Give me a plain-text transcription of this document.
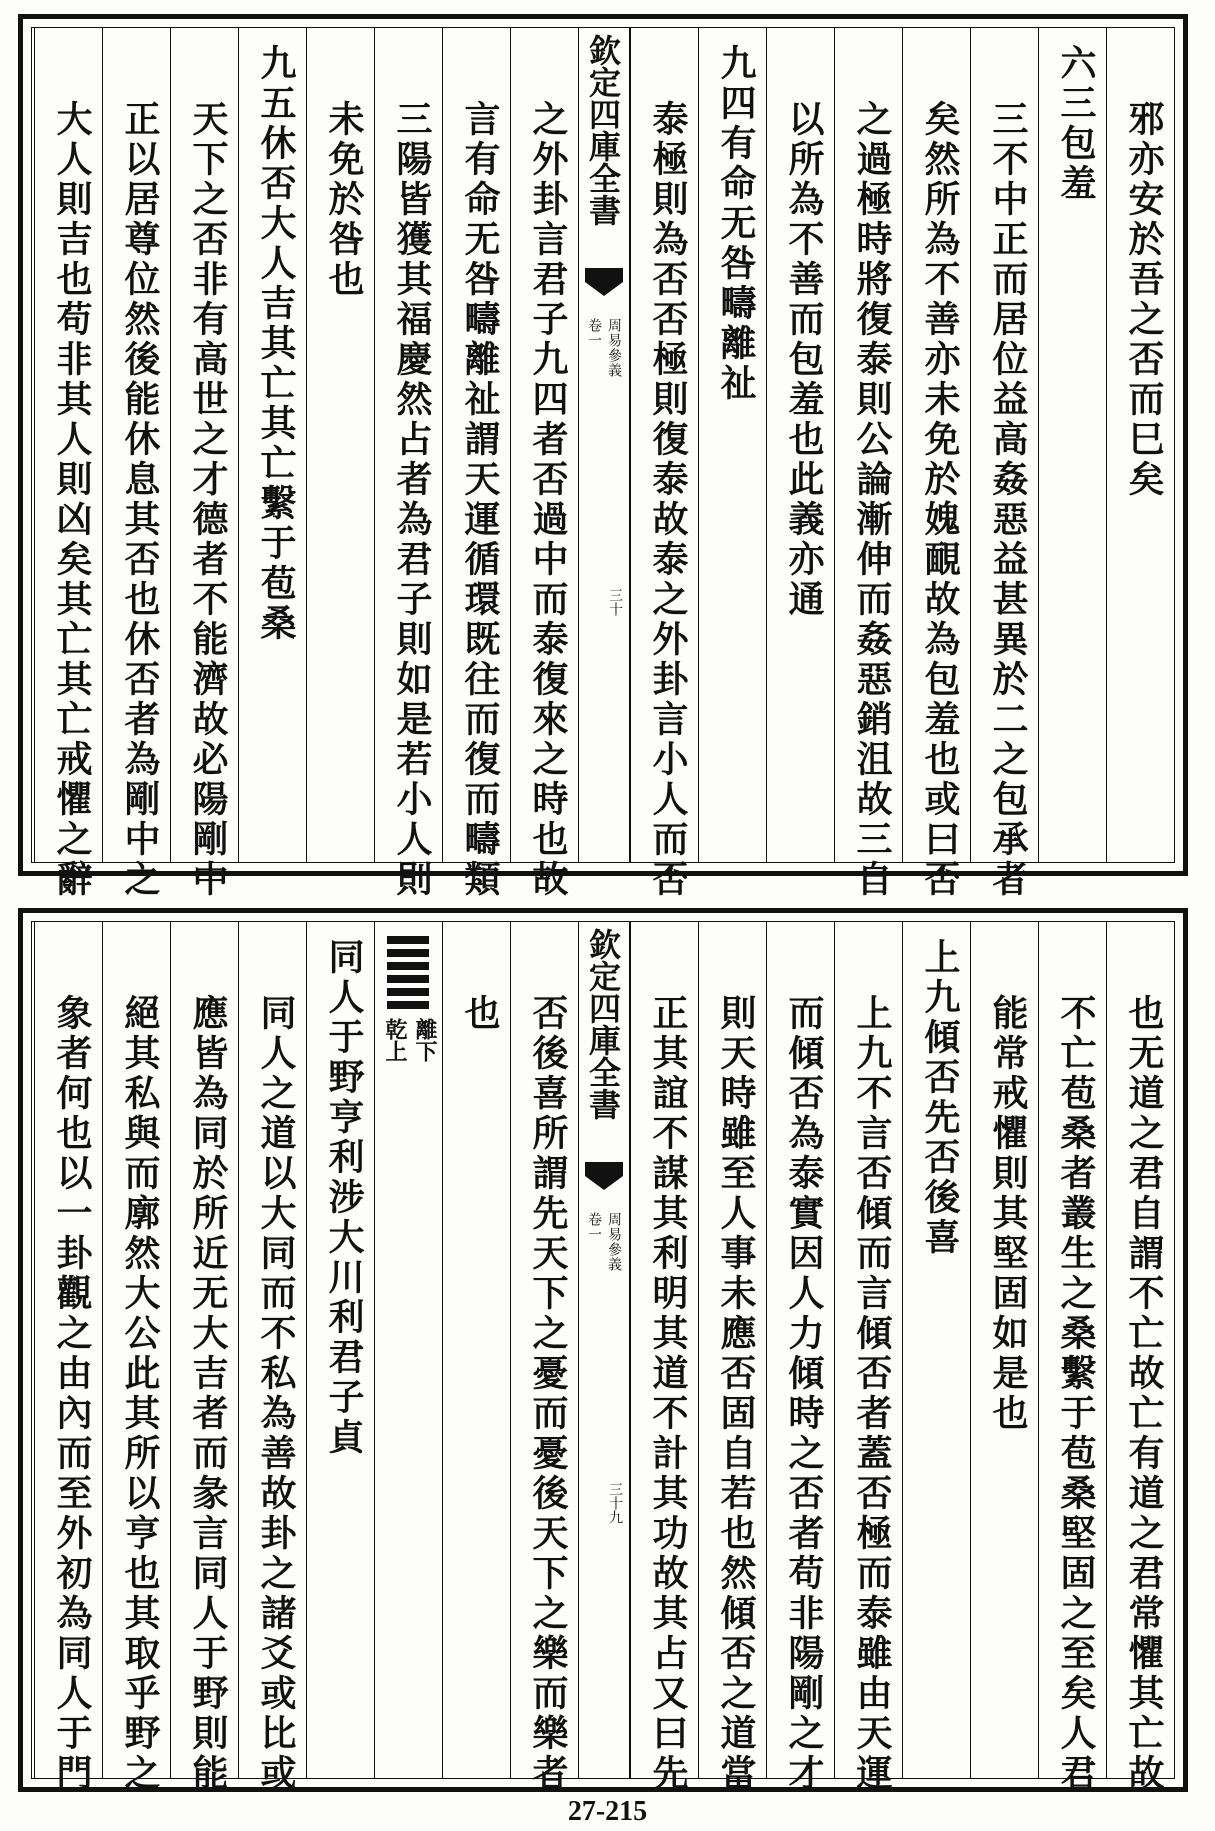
邪亦安於吾之否而巳矣
六三包羞
三不中正而居位益高姦惡益甚異於二之包承者
矣然所為不善亦未免於媿靦故為包羞也或曰否
之過極時將復泰則公論漸伸而姦惡銷沮故三自
以所為不善而包羞也此義亦通
九四有命无咎疇離祉
泰極則為否否極則復泰故泰之外卦言小人而否
欽定四庫全書
周易參義
卷一
三十
之外卦言君子九四者否過中而泰復來之時也故
言有命无咎疇離祉謂天運循環既往而復而疇類
三陽皆獲其福慶然占者為君子則如是若小人則
未免於咎也
九五休否大人吉其亡其亡繫于苞桑
天下之否非有高世之才德者不能濟故必陽剛中
正以居尊位然後能休息其否也休否者為剛中之
大人則吉也苟非其人則凶矣其亡其亡戒懼之辭
也无道之君自謂不亡故亡有道之君常懼其亡故
不亡苞桑者叢生之桑繫于苞桑堅固之至矣人君
能常戒懼則其堅固如是也
上九傾否先否後喜
上九不言否傾而言傾否者蓋否極而泰雖由天運
而傾否為泰實因人力傾時之否者苟非陽剛之才
則天時雖至人事未應否固自若也然傾否之道當
正其誼不謀其利明其道不計其功故其占又曰先
欽定四庫全書
周易參義
卷一
三十九
否後喜所謂先天下之憂而憂後天下之樂而樂者
也
離下
乾上
同人于野亨利涉大川利君子貞
同人之道以大同而不私為善故卦之諸爻或比或
應皆為同於所近无大吉者而彖言同人于野則能
絕其私與而廓然大公此其所以亨也其取乎野之
象者何也以一卦觀之由內而至外初為同人于門
27-215
